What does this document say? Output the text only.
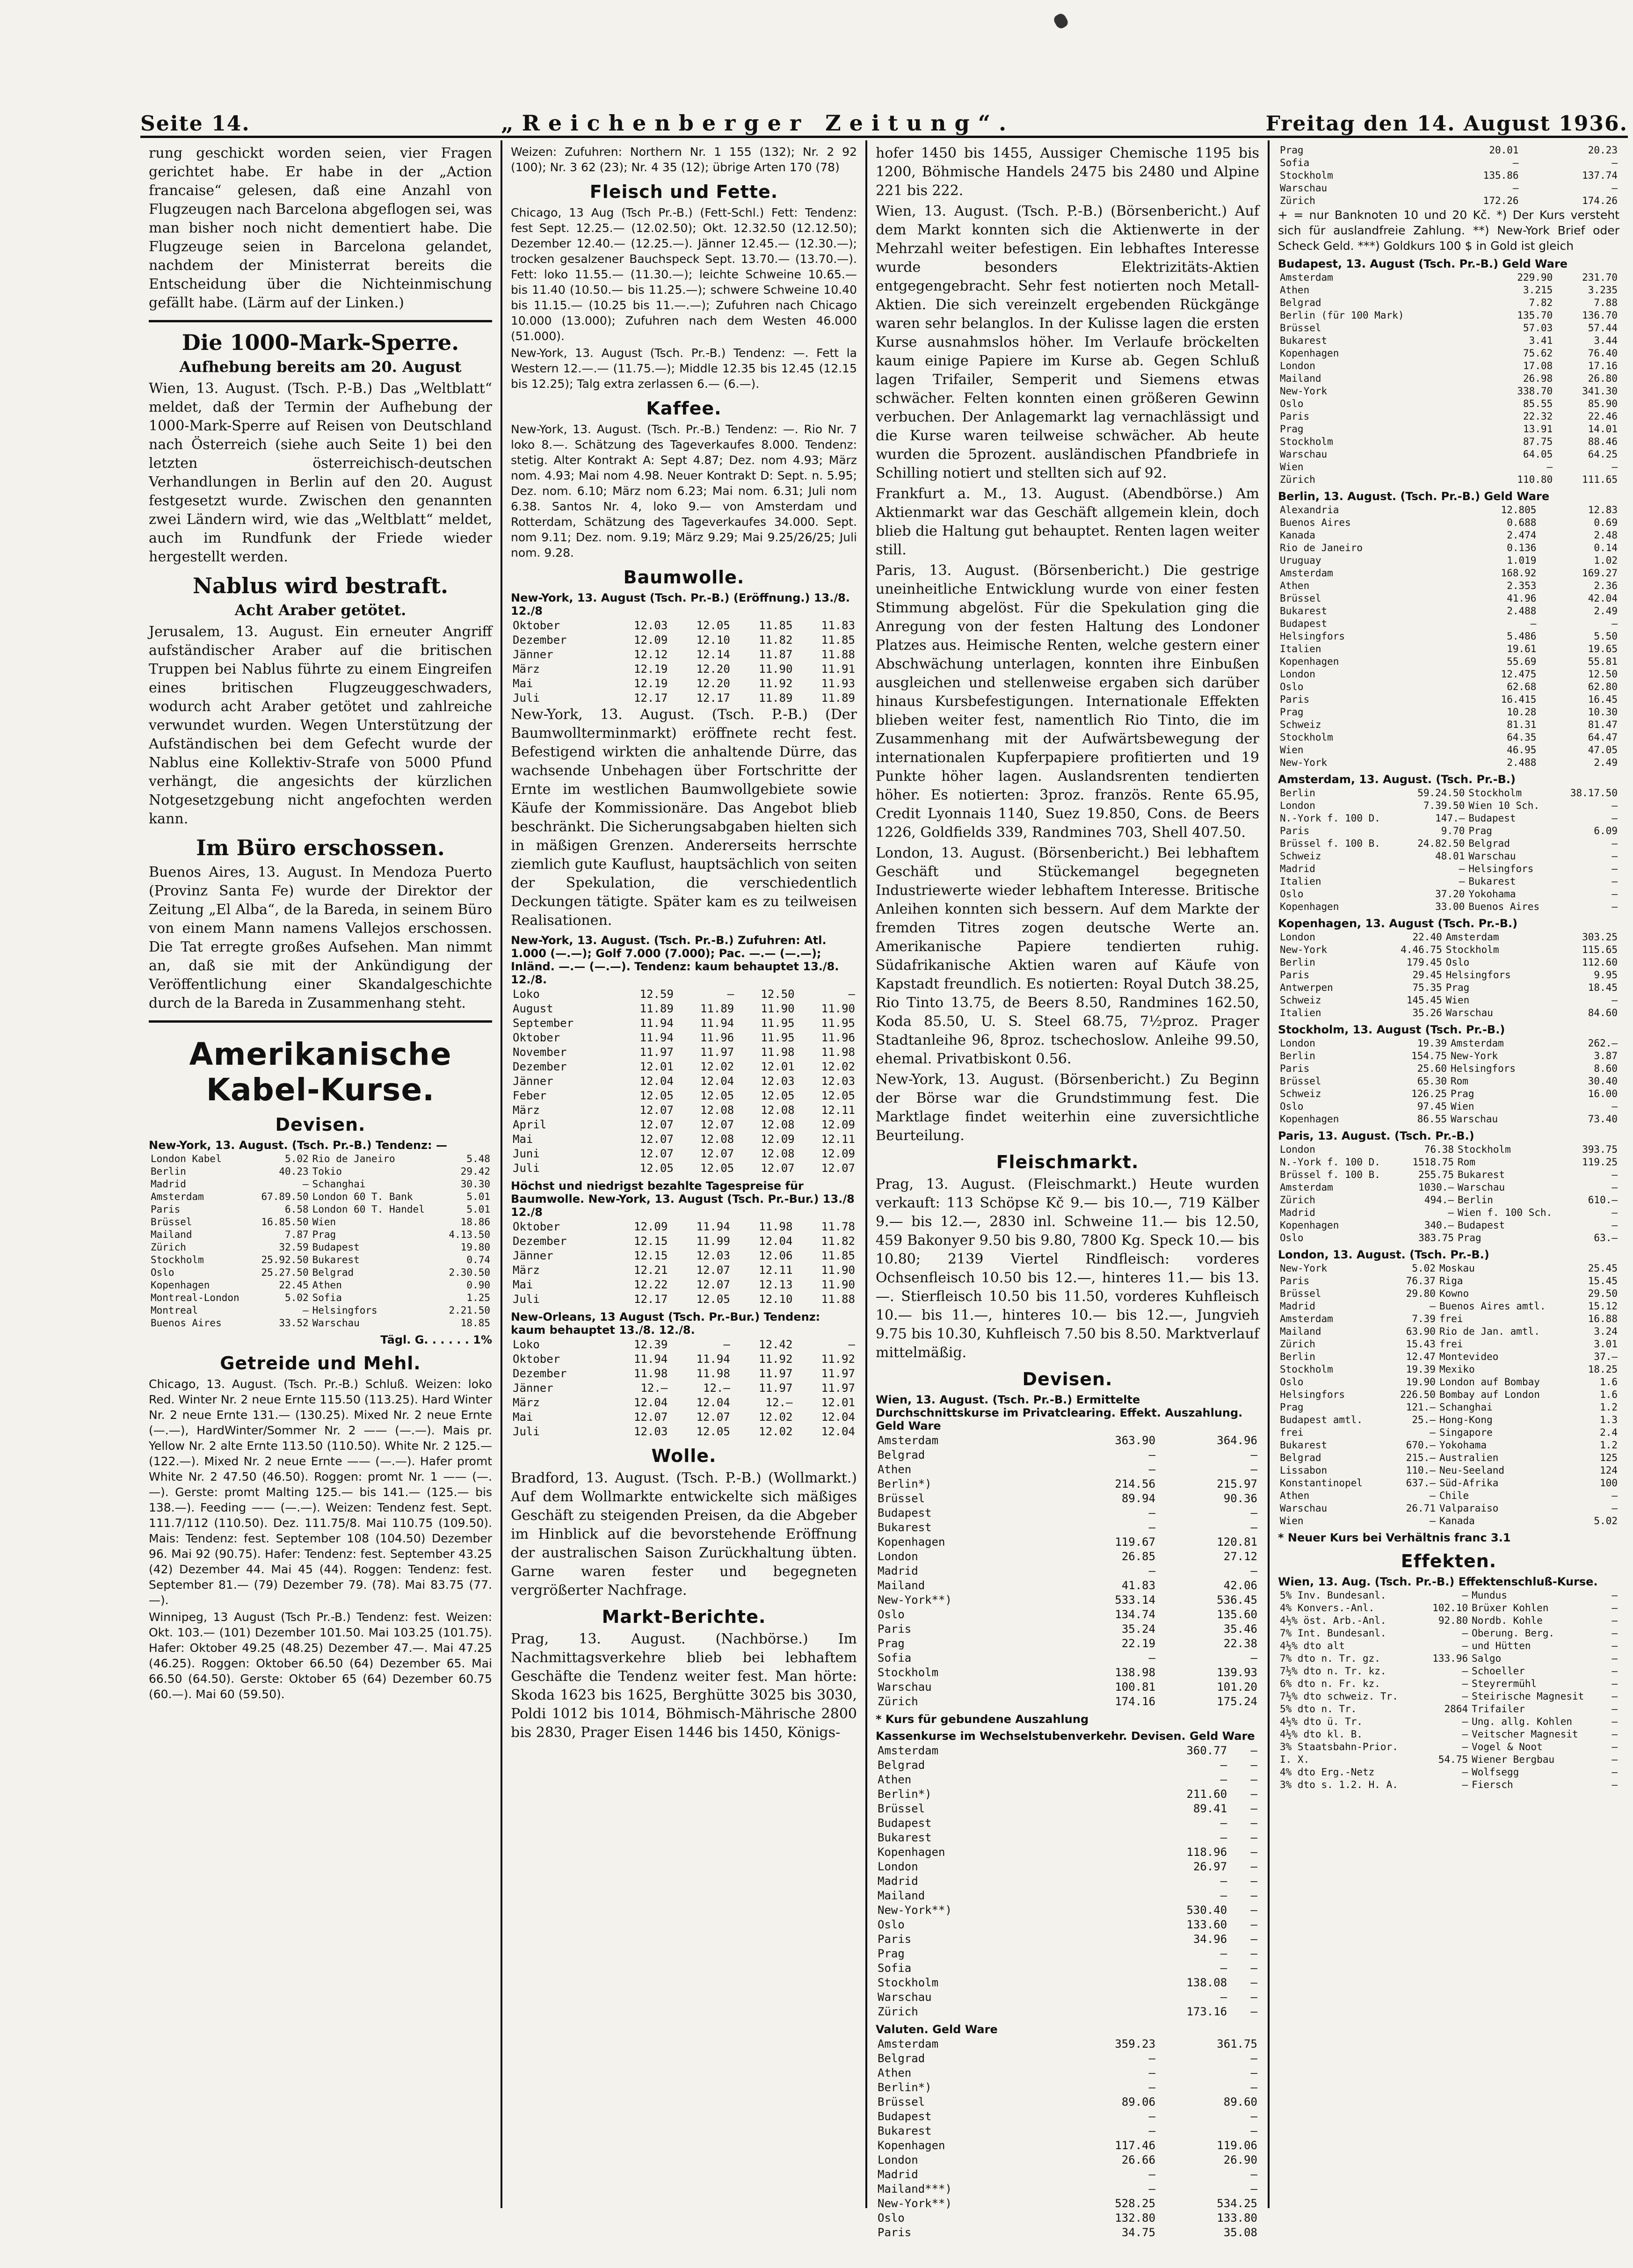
Seite 14.	„Reichenberger Zeitung“.	Freitag den 14. August 1936.

rung geschickt worden seien, vier Fragen gerichtet habe. Er habe in der „Action francaise“ gelesen, daß eine Anzahl von Flugzeugen nach Barcelona abgeflogen sei, was man bisher noch nicht dementiert habe. Die Flugzeuge seien in Barcelona gelandet, nachdem der Ministerrat bereits die Entscheidung über die Nichteinmischung gefällt habe. (Lärm auf der Linken.)

Die 1000-Mark-Sperre.
Aufhebung bereits am 20. August

Wien, 13. August. (Tsch. P.-B.) Das „Weltblatt“ meldet, daß der Termin der Aufhebung der 1000-Mark-Sperre auf Reisen von Deutschland nach Österreich (siehe auch Seite 1) bei den letzten österreichisch-deutschen Verhandlungen in Berlin auf den 20. August festgesetzt wurde. Zwischen den genannten zwei Ländern wird, wie das „Weltblatt“ meldet, auch im Rundfunk der Friede wieder hergestellt werden.

Nablus wird bestraft.
Acht Araber getötet.

Jerusalem, 13. August. Ein erneuter Angriff aufständischer Araber auf die britischen Truppen bei Nablus führte zu einem Eingreifen eines britischen Flugzeuggeschwaders, wodurch acht Araber getötet und zahlreiche verwundet wurden. Wegen Unterstützung der Aufständischen bei dem Gefecht wurde der Nablus eine Kollektiv-Strafe von 5000 Pfund verhängt, die angesichts der kürzlichen Notgesetzgebung nicht angefochten werden kann.

Im Büro erschossen.

Buenos Aires, 13. August. In Mendoza Puerto (Provinz Santa Fe) wurde der Direktor der Zeitung „El Alba“, de la Bareda, in seinem Büro von einem Mann namens Vallejos erschossen. Die Tat erregte großes Aufsehen. Man nimmt an, daß sie mit der Ankündigung der Veröffentlichung einer Skandalgeschichte durch de la Bareda in Zusammenhang steht.

Amerikanische Kabel-Kurse.
Devisen.
New-York, 13. August. (Tsch. Pr.-B.) Tendenz: —
London Kabel	5.02	Rio de Janeiro	5.48
Berlin	40.23	Tokio	29.42
Madrid	—	Schanghai	30.30
Amsterdam	67.89.50	London 60 T. Bank	5.01
Paris	6.58	London 60 T. Handel	5.01
Brüssel	16.85.50	Wien	18.86
Mailand	7.87	Prag	4.13.50
Zürich	32.59	Budapest	19.80
Stockholm	25.92.50	Bukarest	0.74
Oslo	25.27.50	Belgrad	2.30.50
Kopenhagen	22.45	Athen	0.90
Montreal-London	5.02	Sofia	1.25
Montreal	—	Helsingfors	2.21.50
Buenos Aires	33.52	Warschau	18.85
Tägl. G. . . . . . 1%
Getreide und Mehl.

Chicago, 13. August. (Tsch. Pr.-B.) Schluß. Weizen: loko Red. Winter Nr. 2 neue Ernte 115.50 (113.25). Hard Winter Nr. 2 neue Ernte 131.— (130.25). Mixed Nr. 2 neue Ernte (—.—), HardWinter/Sommer Nr. 2 —— (—.—). Mais pr. Yellow Nr. 2 alte Ernte 113.50 (110.50). White Nr. 2 125.— (122.—). Mixed Nr. 2 neue Ernte —— (—.—). Hafer promt White Nr. 2 47.50 (46.50). Roggen: promt Nr. 1 —— (—.—). Gerste: promt Malting 125.— bis 141.— (125.— bis 138.—). Feeding —— (—.—). Weizen: Tendenz fest. Sept. 111.7/112 (110.50). Dez. 111.75/8. Mai 110.75 (109.50). Mais: Tendenz: fest. September 108 (104.50) Dezember 96. Mai 92 (90.75). Hafer: Tendenz: fest. September 43.25 (42) Dezember 44. Mai 45 (44). Roggen: Tendenz: fest. September 81.— (79) Dezember 79. (78). Mai 83.75 (77.—).

Winnipeg, 13 August (Tsch Pr.-B.) Tendenz: fest. Weizen: Okt. 103.— (101) Dezember 101.50. Mai 103.25 (101.75). Hafer: Oktober 49.25 (48.25) Dezember 47.—. Mai 47.25 (46.25). Roggen: Oktober 66.50 (64) Dezember 65. Mai 66.50 (64.50). Gerste: Oktober 65 (64) Dezember 60.75 (60.—). Mai 60 (59.50).

Weizen: Zufuhren: Northern Nr. 1 155 (132); Nr. 2 92 (100); Nr. 3 62 (23); Nr. 4 35 (12); übrige Arten 170 (78)

Fleisch und Fette.

Chicago, 13 Aug (Tsch Pr.-B.) (Fett-Schl.) Fett: Tendenz: fest Sept. 12.25.— (12.02.50); Okt. 12.32.50 (12.12.50); Dezember 12.40.— (12.25.—). Jänner 12.45.— (12.30.—); trocken gesalzener Bauchspeck Sept. 13.70.— (13.70.—). Fett: loko 11.55.— (11.30.—); leichte Schweine 10.65.— bis 11.40 (10.50.— bis 11.25.—); schwere Schweine 10.40 bis 11.15.— (10.25 bis 11.—.—); Zufuhren nach Chicago 10.000 (13.000); Zufuhren nach dem Westen 46.000 (51.000).

New-York, 13. August (Tsch. Pr.-B.) Tendenz: —. Fett la Western 12.—.— (11.75.—); Middle 12.35 bis 12.45 (12.15 bis 12.25); Talg extra zerlassen 6.— (6.—).

Kaffee.

New-York, 13. August. (Tsch. Pr.-B.) Tendenz: —. Rio Nr. 7 loko 8.—. Schätzung des Tageverkaufes 8.000. Tendenz: stetig. Alter Kontrakt A: Sept 4.87; Dez. nom 4.93; März nom. 4.93; Mai nom 4.98. Neuer Kontrakt D: Sept. n. 5.95; Dez. nom. 6.10; März nom 6.23; Mai nom. 6.31; Juli nom 6.38. Santos Nr. 4, loko 9.— von Amsterdam und Rotterdam, Schätzung des Tageverkaufes 34.000. Sept. nom 9.11; Dez. nom. 9.19; März 9.29; Mai 9.25/26/25; Juli nom. 9.28.

Baumwolle.
New-York, 13. August (Tsch. Pr.-B.) (Eröffnung.) 13./8. 12./8
Oktober	12.03	12.05	11.85	11.83
Dezember	12.09	12.10	11.82	11.85
Jänner	12.12	12.14	11.87	11.88
März	12.19	12.20	11.90	11.91
Mai	12.19	12.20	11.92	11.93
Juli	12.17	12.17	11.89	11.89

New-York, 13. August. (Tsch. P.-B.) (Der Baumwollterminmarkt) eröffnete recht fest. Befestigend wirkten die anhaltende Dürre, das wachsende Unbehagen über Fortschritte der Ernte im westlichen Baumwollgebiete sowie Käufe der Kommissionäre. Das Angebot blieb beschränkt. Die Sicherungsabgaben hielten sich in mäßigen Grenzen. Andererseits herrschte ziemlich gute Kauflust, hauptsächlich von seiten der Spekulation, die verschiedentlich Deckungen tätigte. Später kam es zu teilweisen Realisationen.

New-York, 13. August. (Tsch. Pr.-B.) Zufuhren: Atl. 1.000 (—.—); Golf 7.000 (7.000); Pac. —.— (—.—); Inländ. —.— (—.—). Tendenz: kaum behauptet 13./8. 12./8.
Loko	12.59	—	12.50	—
August	11.89	11.89	11.90	11.90
September	11.94	11.94	11.95	11.95
Oktober	11.94	11.96	11.95	11.96
November	11.97	11.97	11.98	11.98
Dezember	12.01	12.02	12.01	12.02
Jänner	12.04	12.04	12.03	12.03
Feber	12.05	12.05	12.05	12.05
März	12.07	12.08	12.08	12.11
April	12.07	12.07	12.08	12.09
Mai	12.07	12.08	12.09	12.11
Juni	12.07	12.07	12.08	12.09
Juli	12.05	12.05	12.07	12.07
Höchst und niedrigst bezahlte Tagespreise für Baumwolle. New-York, 13. August (Tsch. Pr.-Bur.) 13./8 12./8
Oktober	12.09	11.94	11.98	11.78
Dezember	12.15	11.99	12.04	11.82
Jänner	12.15	12.03	12.06	11.85
März	12.21	12.07	12.11	11.90
Mai	12.22	12.07	12.13	11.90
Juli	12.17	12.05	12.10	11.88
New-Orleans, 13 August (Tsch. Pr.-Bur.) Tendenz: kaum behauptet 13./8. 12./8.
Loko	12.39	—	12.42	—
Oktober	11.94	11.94	11.92	11.92
Dezember	11.98	11.98	11.97	11.97
Jänner	12.—	12.—	11.97	11.97
März	12.04	12.04	12.—	12.01
Mai	12.07	12.07	12.02	12.04
Juli	12.03	12.05	12.02	12.04
Wolle.

Bradford, 13. August. (Tsch. P.-B.) (Wollmarkt.) Auf dem Wollmarkte entwickelte sich mäßiges Geschäft zu steigenden Preisen, da die Abgeber im Hinblick auf die bevorstehende Eröffnung der australischen Saison Zurückhaltung übten. Garne waren fester und begegneten vergrößerter Nachfrage.

Markt-Berichte.

Prag, 13. August. (Nachbörse.) Im Nachmittagsverkehre blieb bei lebhaftem Geschäfte die Tendenz weiter fest. Man hörte: Skoda 1623 bis 1625, Berghütte 3025 bis 3030, Poldi 1012 bis 1014, Böhmisch-Mährische 2800 bis 2830, Prager Eisen 1446 bis 1450, Königs-

hofer 1450 bis 1455, Aussiger Chemische 1195 bis 1200, Böhmische Handels 2475 bis 2480 und Alpine 221 bis 222.

Wien, 13. August. (Tsch. P.-B.) (Börsenbericht.) Auf dem Markt konnten sich die Aktienwerte in der Mehrzahl weiter befestigen. Ein lebhaftes Interesse wurde besonders Elektrizitäts-Aktien entgegengebracht. Sehr fest notierten noch Metall-Aktien. Die sich vereinzelt ergebenden Rückgänge waren sehr belanglos. In der Kulisse lagen die ersten Kurse ausnahmslos höher. Im Verlaufe bröckelten kaum einige Papiere im Kurse ab. Gegen Schluß lagen Trifailer, Semperit und Siemens etwas schwächer. Felten konnten einen größeren Gewinn verbuchen. Der Anlagemarkt lag vernachlässigt und die Kurse waren teilweise schwächer. Ab heute wurden die 5prozent. ausländischen Pfandbriefe in Schilling notiert und stellten sich auf 92.

Frankfurt a. M., 13. August. (Abendbörse.) Am Aktienmarkt war das Geschäft allgemein klein, doch blieb die Haltung gut behauptet. Renten lagen weiter still.

Paris, 13. August. (Börsenbericht.) Die gestrige uneinheitliche Entwicklung wurde von einer festen Stimmung abgelöst. Für die Spekulation ging die Anregung von der festen Haltung des Londoner Platzes aus. Heimische Renten, welche gestern einer Abschwächung unterlagen, konnten ihre Einbußen ausgleichen und stellenweise ergaben sich darüber hinaus Kursbefestigungen. Internationale Effekten blieben weiter fest, namentlich Rio Tinto, die im Zusammenhang mit der Aufwärtsbewegung der internationalen Kupferpapiere profitierten und 19 Punkte höher lagen. Auslandsrenten tendierten höher. Es notierten: 3proz. französ. Rente 65.95, Credit Lyonnais 1140, Suez 19.850, Cons. de Beers 1226, Goldfields 339, Randmines 703, Shell 407.50.

London, 13. August. (Börsenbericht.) Bei lebhaftem Geschäft und Stückemangel begegneten Industriewerte wieder lebhaftem Interesse. Britische Anleihen konnten sich bessern. Auf dem Markte der fremden Titres zogen deutsche Werte an. Amerikanische Papiere tendierten ruhig. Südafrikanische Aktien waren auf Käufe von Kapstadt freundlich. Es notierten: Royal Dutch 38.25, Rio Tinto 13.75, de Beers 8.50, Randmines 162.50, Koda 85.50, U. S. Steel 68.75, 7½proz. Prager Stadtanleihe 96, 8proz. tschechoslow. Anleihe 99.50, ehemal. Privatbiskont 0.56.

New-York, 13. August. (Börsenbericht.) Zu Beginn der Börse war die Grundstimmung fest. Die Marktlage findet weiterhin eine zuversichtliche Beurteilung.

Fleischmarkt.

Prag, 13. August. (Fleischmarkt.) Heute wurden verkauft: 113 Schöpse Kč 9.— bis 10.—, 719 Kälber 9.— bis 12.—, 2830 inl. Schweine 11.— bis 12.50, 459 Bakonyer 9.50 bis 9.80, 7800 Kg. Speck 10.— bis 10.80; 2139 Viertel Rindfleisch: vorderes Ochsenfleisch 10.50 bis 12.—, hinteres 11.— bis 13.—. Stierfleisch 10.50 bis 11.50, vorderes Kuhfleisch 10.— bis 11.—, hinteres 10.— bis 12.—, Jungvieh 9.75 bis 10.30, Kuhfleisch 7.50 bis 8.50. Marktverlauf mittelmäßig.

Devisen.
Wien, 13. August. (Tsch. Pr.-B.) Ermittelte Durchschnittskurse im Privatclearing. Effekt. Auszahlung. Geld Ware
Amsterdam	363.90	364.96
Belgrad	—	—
Athen	—	—
Berlin*)	214.56	215.97
Brüssel	89.94	90.36
Budapest	—	—
Bukarest	—	—
Kopenhagen	119.67	120.81
London	26.85	27.12
Madrid	—	—
Mailand	41.83	42.06
New-York**)	533.14	536.45
Oslo	134.74	135.60
Paris	35.24	35.46
Prag	22.19	22.38
Sofia	—	—
Stockholm	138.98	139.93
Warschau	100.81	101.20
Zürich	174.16	175.24
* Kurs für gebundene Auszahlung
Kassenkurse im Wechselstubenverkehr. Devisen. Geld Ware
Amsterdam	360.77	—
Belgrad	—	—
Athen	—	—
Berlin*)	211.60	—
Brüssel	89.41	—
Budapest	—	—
Bukarest	—	—
Kopenhagen	118.96	—
London	26.97	—
Madrid	—	—
Mailand	—	—
New-York**)	530.40	—
Oslo	133.60	—
Paris	34.96	—
Prag	—	—
Sofia	—	—
Stockholm	138.08	—
Warschau	—	—
Zürich	173.16	—
Valuten. Geld Ware
Amsterdam	359.23	361.75
Belgrad	—	—
Athen	—	—
Berlin*)	—	—
Brüssel	89.06	89.60
Budapest	—	—
Bukarest	—	—
Kopenhagen	117.46	119.06
London	26.66	26.90
Madrid	—	—
Mailand***)	—	—
New-York**)	528.25	534.25
Oslo	132.80	133.80
Paris	34.75	35.08
Prag	20.01	20.23
Sofia	—	—
Stockholm	135.86	137.74
Warschau	—	—
Zürich	172.26	174.26

+ = nur Banknoten 10 und 20 Kč. *) Der Kurs versteht sich für auslandfreie Zahlung. **) New-York Brief oder Scheck Geld. ***) Goldkurs 100 $ in Gold ist gleich

Budapest, 13. August (Tsch. Pr.-B.) Geld Ware
Amsterdam	229.90	231.70
Athen	3.215	3.235
Belgrad	7.82	7.88
Berlin (für 100 Mark)	135.70	136.70
Brüssel	57.03	57.44
Bukarest	3.41	3.44
Kopenhagen	75.62	76.40
London	17.08	17.16
Mailand	26.98	26.80
New-York	338.70	341.30
Oslo	85.55	85.90
Paris	22.32	22.46
Prag	13.91	14.01
Stockholm	87.75	88.46
Warschau	64.05	64.25
Wien	—	—
Zürich	110.80	111.65
Berlin, 13. August. (Tsch. Pr.-B.) Geld Ware
Alexandria	12.805	12.83
Buenos Aires	0.688	0.69
Kanada	2.474	2.48
Rio de Janeiro	0.136	0.14
Uruguay	1.019	1.02
Amsterdam	168.92	169.27
Athen	2.353	2.36
Brüssel	41.96	42.04
Bukarest	2.488	2.49
Budapest	—	—
Helsingfors	5.486	5.50
Italien	19.61	19.65
Kopenhagen	55.69	55.81
London	12.475	12.50
Oslo	62.68	62.80
Paris	16.415	16.45
Prag	10.28	10.30
Schweiz	81.31	81.47
Stockholm	64.35	64.47
Wien	46.95	47.05
New-York	2.488	2.49
Amsterdam, 13. August. (Tsch. Pr.-B.)
Berlin	59.24.50	Stockholm	38.17.50
London	7.39.50	Wien 10 Sch.	—
N.-York f. 100 D.	147.—	Budapest	—
Paris	9.70	Prag	6.09
Brüssel f. 100 B.	24.82.50	Belgrad	—
Schweiz	48.01	Warschau	—
Madrid	—	Helsingfors	—
Italien	—	Bukarest	—
Oslo	37.20	Yokohama	—
Kopenhagen	33.00	Buenos Aires	—
Kopenhagen, 13. August (Tsch. Pr.-B.)
London	22.40	Amsterdam	303.25
New-York	4.46.75	Stockholm	115.65
Berlin	179.45	Oslo	112.60
Paris	29.45	Helsingfors	9.95
Antwerpen	75.35	Prag	18.45
Schweiz	145.45	Wien	—
Italien	35.26	Warschau	84.60
Stockholm, 13. August (Tsch. Pr.-B.)
London	19.39	Amsterdam	262.—
Berlin	154.75	New-York	3.87
Paris	25.60	Helsingfors	8.60
Brüssel	65.30	Rom	30.40
Schweiz	126.25	Prag	16.00
Oslo	97.45	Wien	—
Kopenhagen	86.55	Warschau	73.40
Paris, 13. August. (Tsch. Pr.-B.)
London	76.38	Stockholm	393.75
N.-York f. 100 D.	1518.75	Rom	119.25
Brüssel f. 100 B.	255.75	Bukarest	—
Amsterdam	1030.—	Warschau	—
Zürich	494.—	Berlin	610.—
Madrid	—	Wien f. 100 Sch.	—
Kopenhagen	340.—	Budapest	—
Oslo	383.75	Prag	63.—
London, 13. August. (Tsch. Pr.-B.)
New-York	5.02	Moskau	25.45
Paris	76.37	Riga	15.45
Brüssel	29.80	Kowno	29.50
Madrid	—	Buenos Aires amtl.	15.12
Amsterdam	7.39	frei	16.88
Mailand	63.90	Rio de Jan. amtl.	3.24
Zürich	15.43	frei	3.01
Berlin	12.47	Montevideo	37.—
Stockholm	19.39	Mexiko	18.25
Oslo	19.90	London auf Bombay	1.6
Helsingfors	226.50	Bombay auf London	1.6
Prag	121.—	Schanghai	1.2
Budapest amtl.	25.—	Hong-Kong	1.3
frei	—	Singapore	2.4
Bukarest	670.—	Yokohama	1.2
Belgrad	215.—	Australien	125
Lissabon	110.—	Neu-Seeland	124
Konstantinopel	637.—	Süd-Afrika	100
Athen	—	Chile	—
Warschau	26.71	Valparaiso	—
Wien	—	Kanada	5.02
* Neuer Kurs bei Verhältnis franc 3.1
Effekten.
Wien, 13. Aug. (Tsch. Pr.-B.) Effektenschluß-Kurse.
5% Inv. Bundesanl.	—	Mundus	—
4% Konvers.-Anl.	102.10	Brüxer Kohlen	—
4½% öst. Arb.-Anl.	92.80	Nordb. Kohle	—
7% Int. Bundesanl.	—	Oberung. Berg.	—
4½% dto alt	—	und Hütten	—
7% dto n. Tr. gz.	133.96	Salgo	—
7½% dto n. Tr. kz.	—	Schoeller	—
6% dto n. Fr. kz.	—	Steyrermühl	—
7½% dto schweiz. Tr.	—	Steirische Magnesit	—
5% dto n. Tr.	2864	Trifailer	—
4½% dto ü. Tr.	—	Ung. allg. Kohlen	—
4½% dto kl. B.	—	Veitscher Magnesit	—
3% Staatsbahn-Prior.	—	Vogel & Noot	—
I. X.	54.75	Wiener Bergbau	—
4% dto Erg.-Netz	—	Wolfsegg	—
3% dto s. 1.2. H. A.	—	Fiersch	—
